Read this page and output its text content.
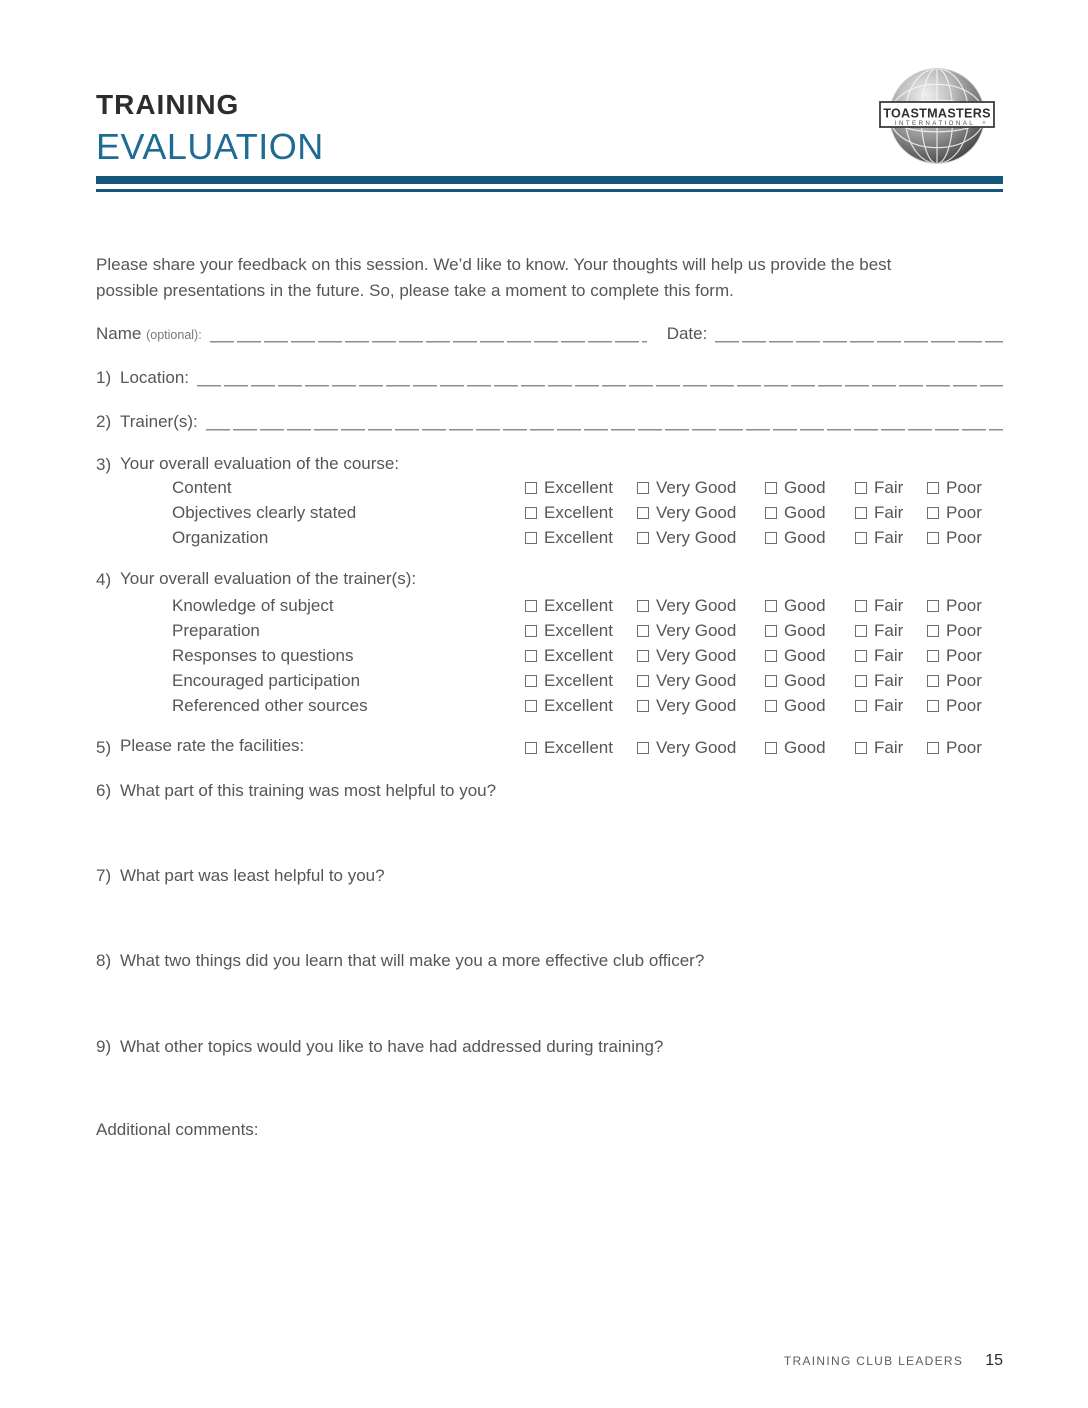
TRAINING
EVALUATION
TOASTMASTERS
INTERNATIONAL ®

Please share your feedback on this session. We’d like to know. Your thoughts will help us provide the best possible presentations in the future. So, please take a moment to complete this form.

Name (optional):	Date:
1) Location:
2) Trainer(s):
3) Your overall evaluation of the course:
Content	Excellent	Very Good	Good	Fair	Poor
Objectives clearly stated	Excellent	Very Good	Good	Fair	Poor
Organization	Excellent	Very Good	Good	Fair	Poor
4) Your overall evaluation of the trainer(s):
Knowledge of subject	Excellent	Very Good	Good	Fair	Poor
Preparation	Excellent	Very Good	Good	Fair	Poor
Responses to questions	Excellent	Very Good	Good	Fair	Poor
Encouraged participation	Excellent	Very Good	Good	Fair	Poor
Referenced other sources	Excellent	Very Good	Good	Fair	Poor
5) Please rate the facilities:	Excellent	Very Good	Good	Fair	Poor
6) What part of this training was most helpful to you?
7) What part was least helpful to you?
8) What two things did you learn that will make you a more effective club officer?
9) What other topics would you like to have had addressed during training?
Additional comments:
TRAINING CLUB LEADERS 15
